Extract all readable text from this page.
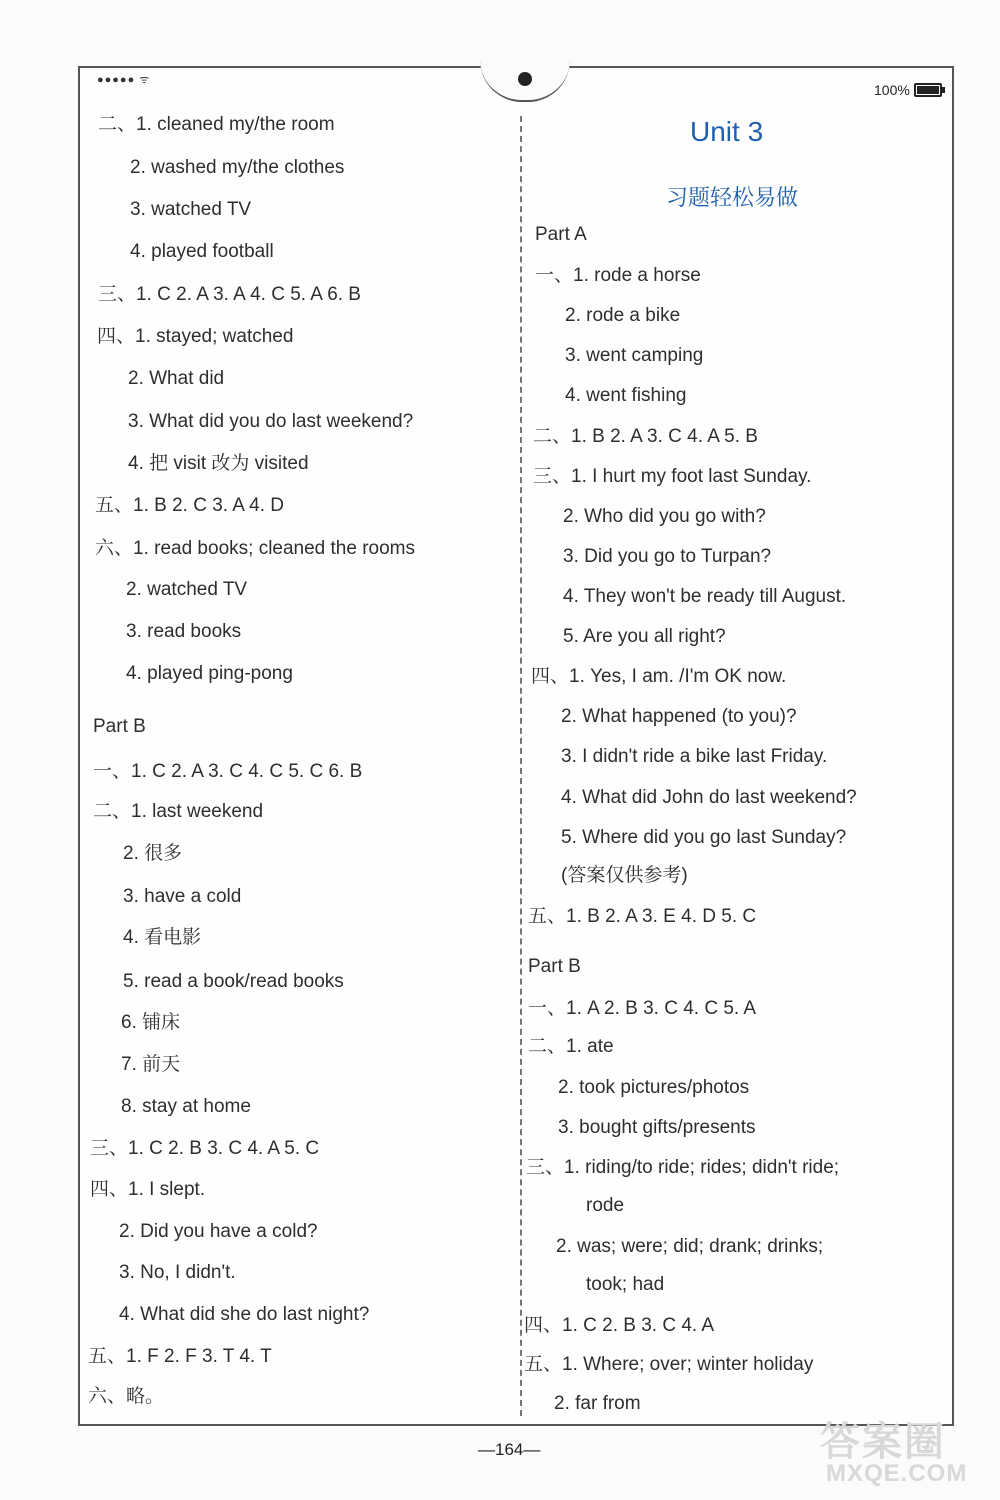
●●●●● ᯤ
100%
二、1. cleaned my/the room
2. washed my/the clothes
3. watched TV
4. played football
三、1. C 2. A 3. A 4. C 5. A 6. B
四、1. stayed; watched
2. What did
3. What did you do last weekend?
4. 把 visit 改为 visited
五、1. B 2. C 3. A 4. D
六、1. read books; cleaned the rooms
2. watched TV
3. read books
4. played ping-pong
Part B
一、1. C 2. A 3. C 4. C 5. C 6. B
二、1. last weekend
2. 很多
3. have a cold
4. 看电影
5. read a book/read books
6. 铺床
7. 前天
8. stay at home
三、1. C 2. B 3. C 4. A 5. C
四、1. I slept.
2. Did you have a cold?
3. No, I didn't.
4. What did she do last night?
五、1. F 2. F 3. T 4. T
六、略。
Unit 3
习题轻松易做
Part A
一、1. rode a horse
2. rode a bike
3. went camping
4. went fishing
二、1. B 2. A 3. C 4. A 5. B
三、1. I hurt my foot last Sunday.
2. Who did you go with?
3. Did you go to Turpan?
4. They won't be ready till August.
5. Are you all right?
四、1. Yes, I am. /I'm OK now.
2. What happened (to you)?
3. I didn't ride a bike last Friday.
4. What did John do last weekend?
5. Where did you go last Sunday?
(答案仅供参考)
五、1. B 2. A 3. E 4. D 5. C
Part B
一、1. A 2. B 3. C 4. C 5. A
二、1. ate
2. took pictures/photos
3. bought gifts/presents
三、1. riding/to ride; rides; didn't ride;
rode
2. was; were; did; drank; drinks;
took; had
四、1. C 2. B 3. C 4. A
五、1. Where; over; winter holiday
2. far from
—164—	答案圈
MXQE.COM
